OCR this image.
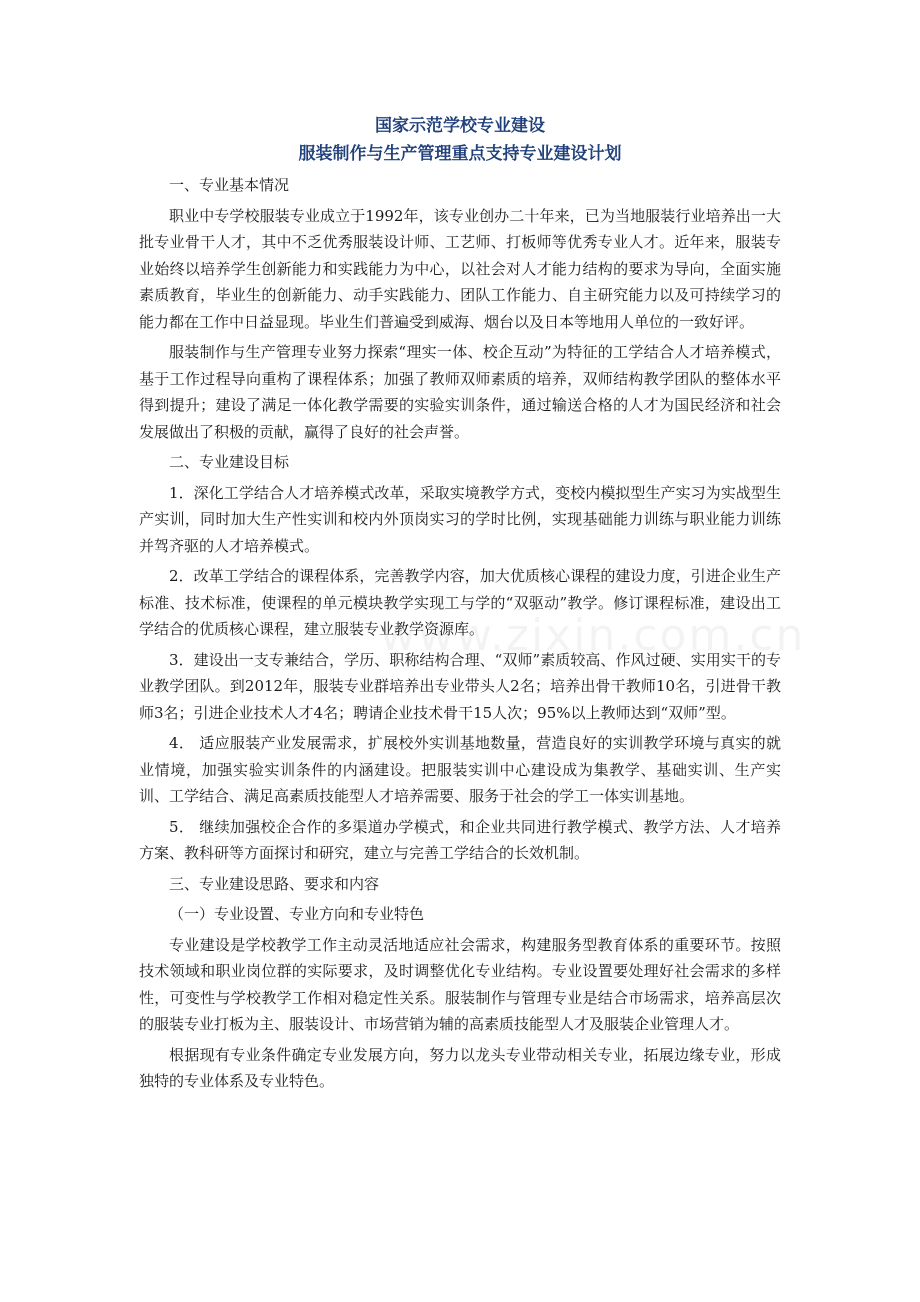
国家示范学校专业建设
服装制作与生产管理重点支持专业建设计划

一、专业基本情况

职业中专学校服装专业成立于1992年，该专业创办二十年来，已为当地服装行业培养出一大批专业骨干人才，其中不乏优秀服装设计师、工艺师、打板师等优秀专业人才。近年来，服装专业始终以培养学生创新能力和实践能力为中心，以社会对人才能力结构的要求为导向，全面实施素质教育，毕业生的创新能力、动手实践能力、团队工作能力、自主研究能力以及可持续学习的能力都在工作中日益显现。毕业生们普遍受到威海、烟台以及日本等地用人单位的一致好评。

服装制作与生产管理专业努力探索“理实一体、校企互动”为特征的工学结合人才培养模式，基于工作过程导向重构了课程体系；加强了教师双师素质的培养，双师结构教学团队的整体水平得到提升；建设了满足一体化教学需要的实验实训条件，通过输送合格的人才为国民经济和社会发展做出了积极的贡献，赢得了良好的社会声誉。

二、专业建设目标

1．深化工学结合人才培养模式改革，采取实境教学方式，变校内模拟型生产实习为实战型生产实训，同时加大生产性实训和校内外顶岗实习的学时比例，实现基础能力训练与职业能力训练并驾齐驱的人才培养模式。

2．改革工学结合的课程体系，完善教学内容，加大优质核心课程的建设力度，引进企业生产标准、技术标准，使课程的单元模块教学实现工与学的“双驱动”教学。修订课程标准，建设出工学结合的优质核心课程，建立服装专业教学资源库。

3．建设出一支专兼结合，学历、职称结构合理、“双师”素质较高、作风过硬、实用实干的专业教学团队。到2012年，服装专业群培养出专业带头人2名；培养出骨干教师10名，引进骨干教师3名；引进企业技术人才4名；聘请企业技术骨干15人次；95%以上教师达到“双师”型。

4． 适应服装产业发展需求，扩展校外实训基地数量，营造良好的实训教学环境与真实的就业情境，加强实验实训条件的内涵建设。把服装实训中心建设成为集教学、基础实训、生产实训、工学结合、满足高素质技能型人才培养需要、服务于社会的学工一体实训基地。

5． 继续加强校企合作的多渠道办学模式，和企业共同进行教学模式、教学方法、人才培养方案、教科研等方面探讨和研究，建立与完善工学结合的长效机制。

三、专业建设思路、要求和内容

（一）专业设置、专业方向和专业特色

专业建设是学校教学工作主动灵活地适应社会需求，构建服务型教育体系的重要环节。按照技术领域和职业岗位群的实际要求，及时调整优化专业结构。专业设置要处理好社会需求的多样性，可变性与学校教学工作相对稳定性关系。服装制作与管理专业是结合市场需求，培养高层次的服装专业打板为主、服装设计、市场营销为辅的高素质技能型人才及服装企业管理人才。

根据现有专业条件确定专业发展方向，努力以龙头专业带动相关专业，拓展边缘专业，形成独特的专业体系及专业特色。
